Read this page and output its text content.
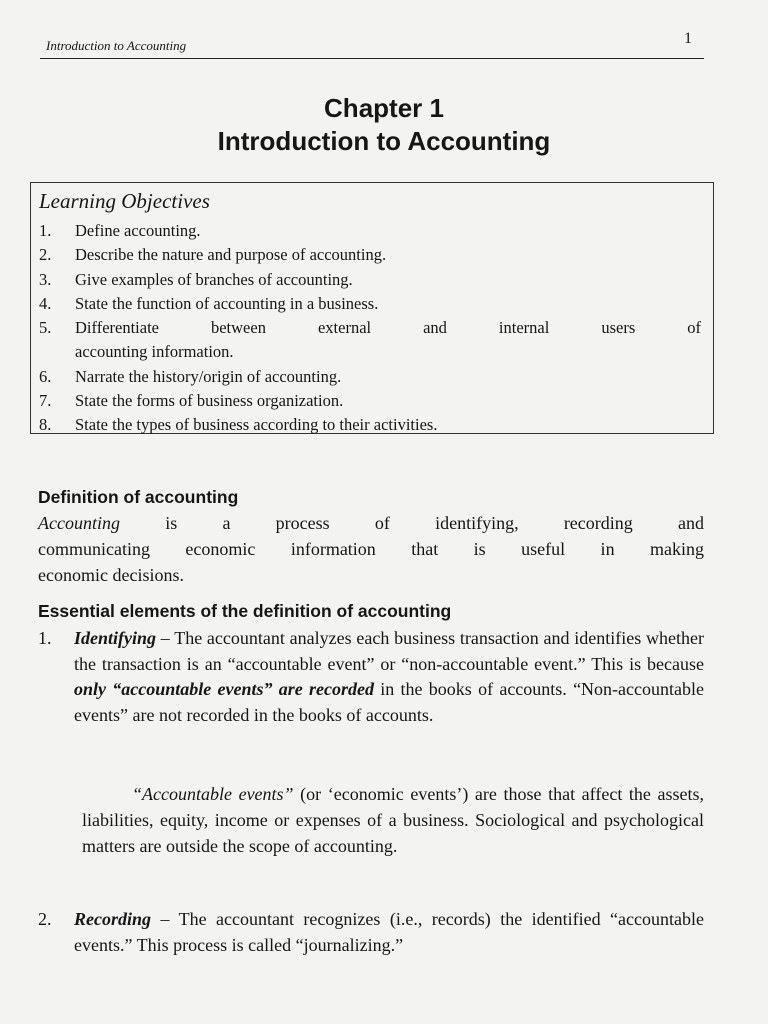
Introduction to Accounting	1
Chapter 1
Introduction to Accounting
Learning Objectives
1.	Define accounting.
2.	Describe the nature and purpose of accounting.
3.	Give examples of branches of accounting.
4.	State the function of accounting in a business.
5.	Differentiate between external and internal users of
accounting information.
6.	Narrate the history/origin of accounting.
7.	State the forms of business organization.
8.	State the types of business according to their activities.
Definition of accounting
Accounting	is a process of identifying, recording and
communicating economic information that is useful in making
economic decisions.
Essential elements of the definition of accounting
1.	Identifying – The accountant analyzes each business transaction and identifies whether the transaction is an “accountable event” or “non-accountable event.” This is because only “accountable events” are recorded in the books of accounts. “Non-accountable events” are not recorded in the books of accounts.
“Accountable events” (or ‘economic events’) are those that affect the assets, liabilities, equity, income or expenses of a business. Sociological and psychological matters are outside the scope of accounting.
2.	Recording – The accountant recognizes (i.e., records) the identified “accountable events.” This process is called “journalizing.”
